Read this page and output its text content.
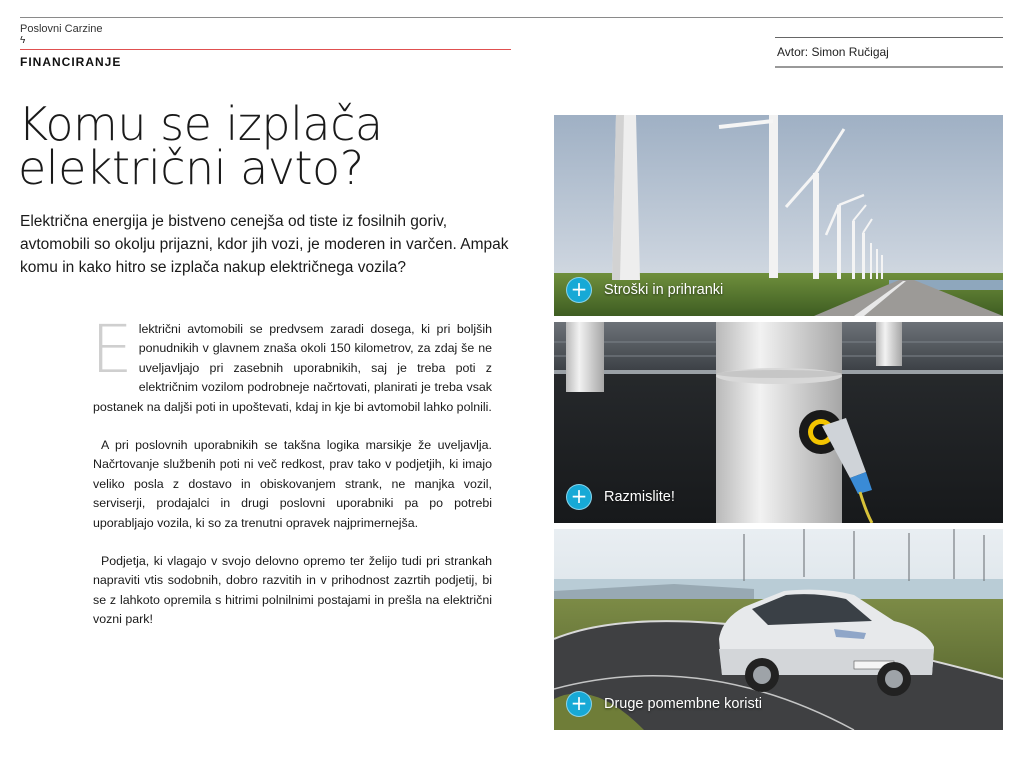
Poslovni Carzine
ϟ
FINANCIRANJE
Avtor: Simon Ručigaj
Komu se izplača
električni avto?

Električna energija je bistveno cenejša od tiste iz fosilnih goriv, avtomobili so okolju prijazni, kdor jih vozi, je moderen in varčen. Ampak komu in kako hitro se izplača nakup električnega vozila?

Električni avtomobili se predvsem zaradi dosega, ki pri boljših ponudnikih v glavnem znaša okoli 150 kilometrov, za zdaj še ne uveljavljajo pri zasebnih uporabnikih, saj je treba poti z električnim vozilom podrobneje načrtovati, planirati je treba vsak postanek na daljši poti in upoštevati, kdaj in kje bi avtomobil lahko polnili.

A pri poslovnih uporabnikih se takšna logika marsikje že uveljavlja. Načrtovanje službenih poti ni več redkost, prav tako v podjetjih, ki imajo veliko posla z dostavo in obiskovanjem strank, ne manjka vozil, serviserji, prodajalci in drugi poslovni uporabniki pa po potrebi uporabljajo vozila, ki so za trenutni opravek najprimernejša.

Podjetja, ki vlagajo v svojo delovno opremo ter želijo tudi pri strankah napraviti vtis sodobnih, dobro razvitih in v prihodnost zazrtih podjetij, bi se z lahkoto opremila s hitrimi polnilnimi postajami in prešla na električni vozni park!

+	Stroški in prihranki
+	Razmislite!
+	Druge pomembne koristi
